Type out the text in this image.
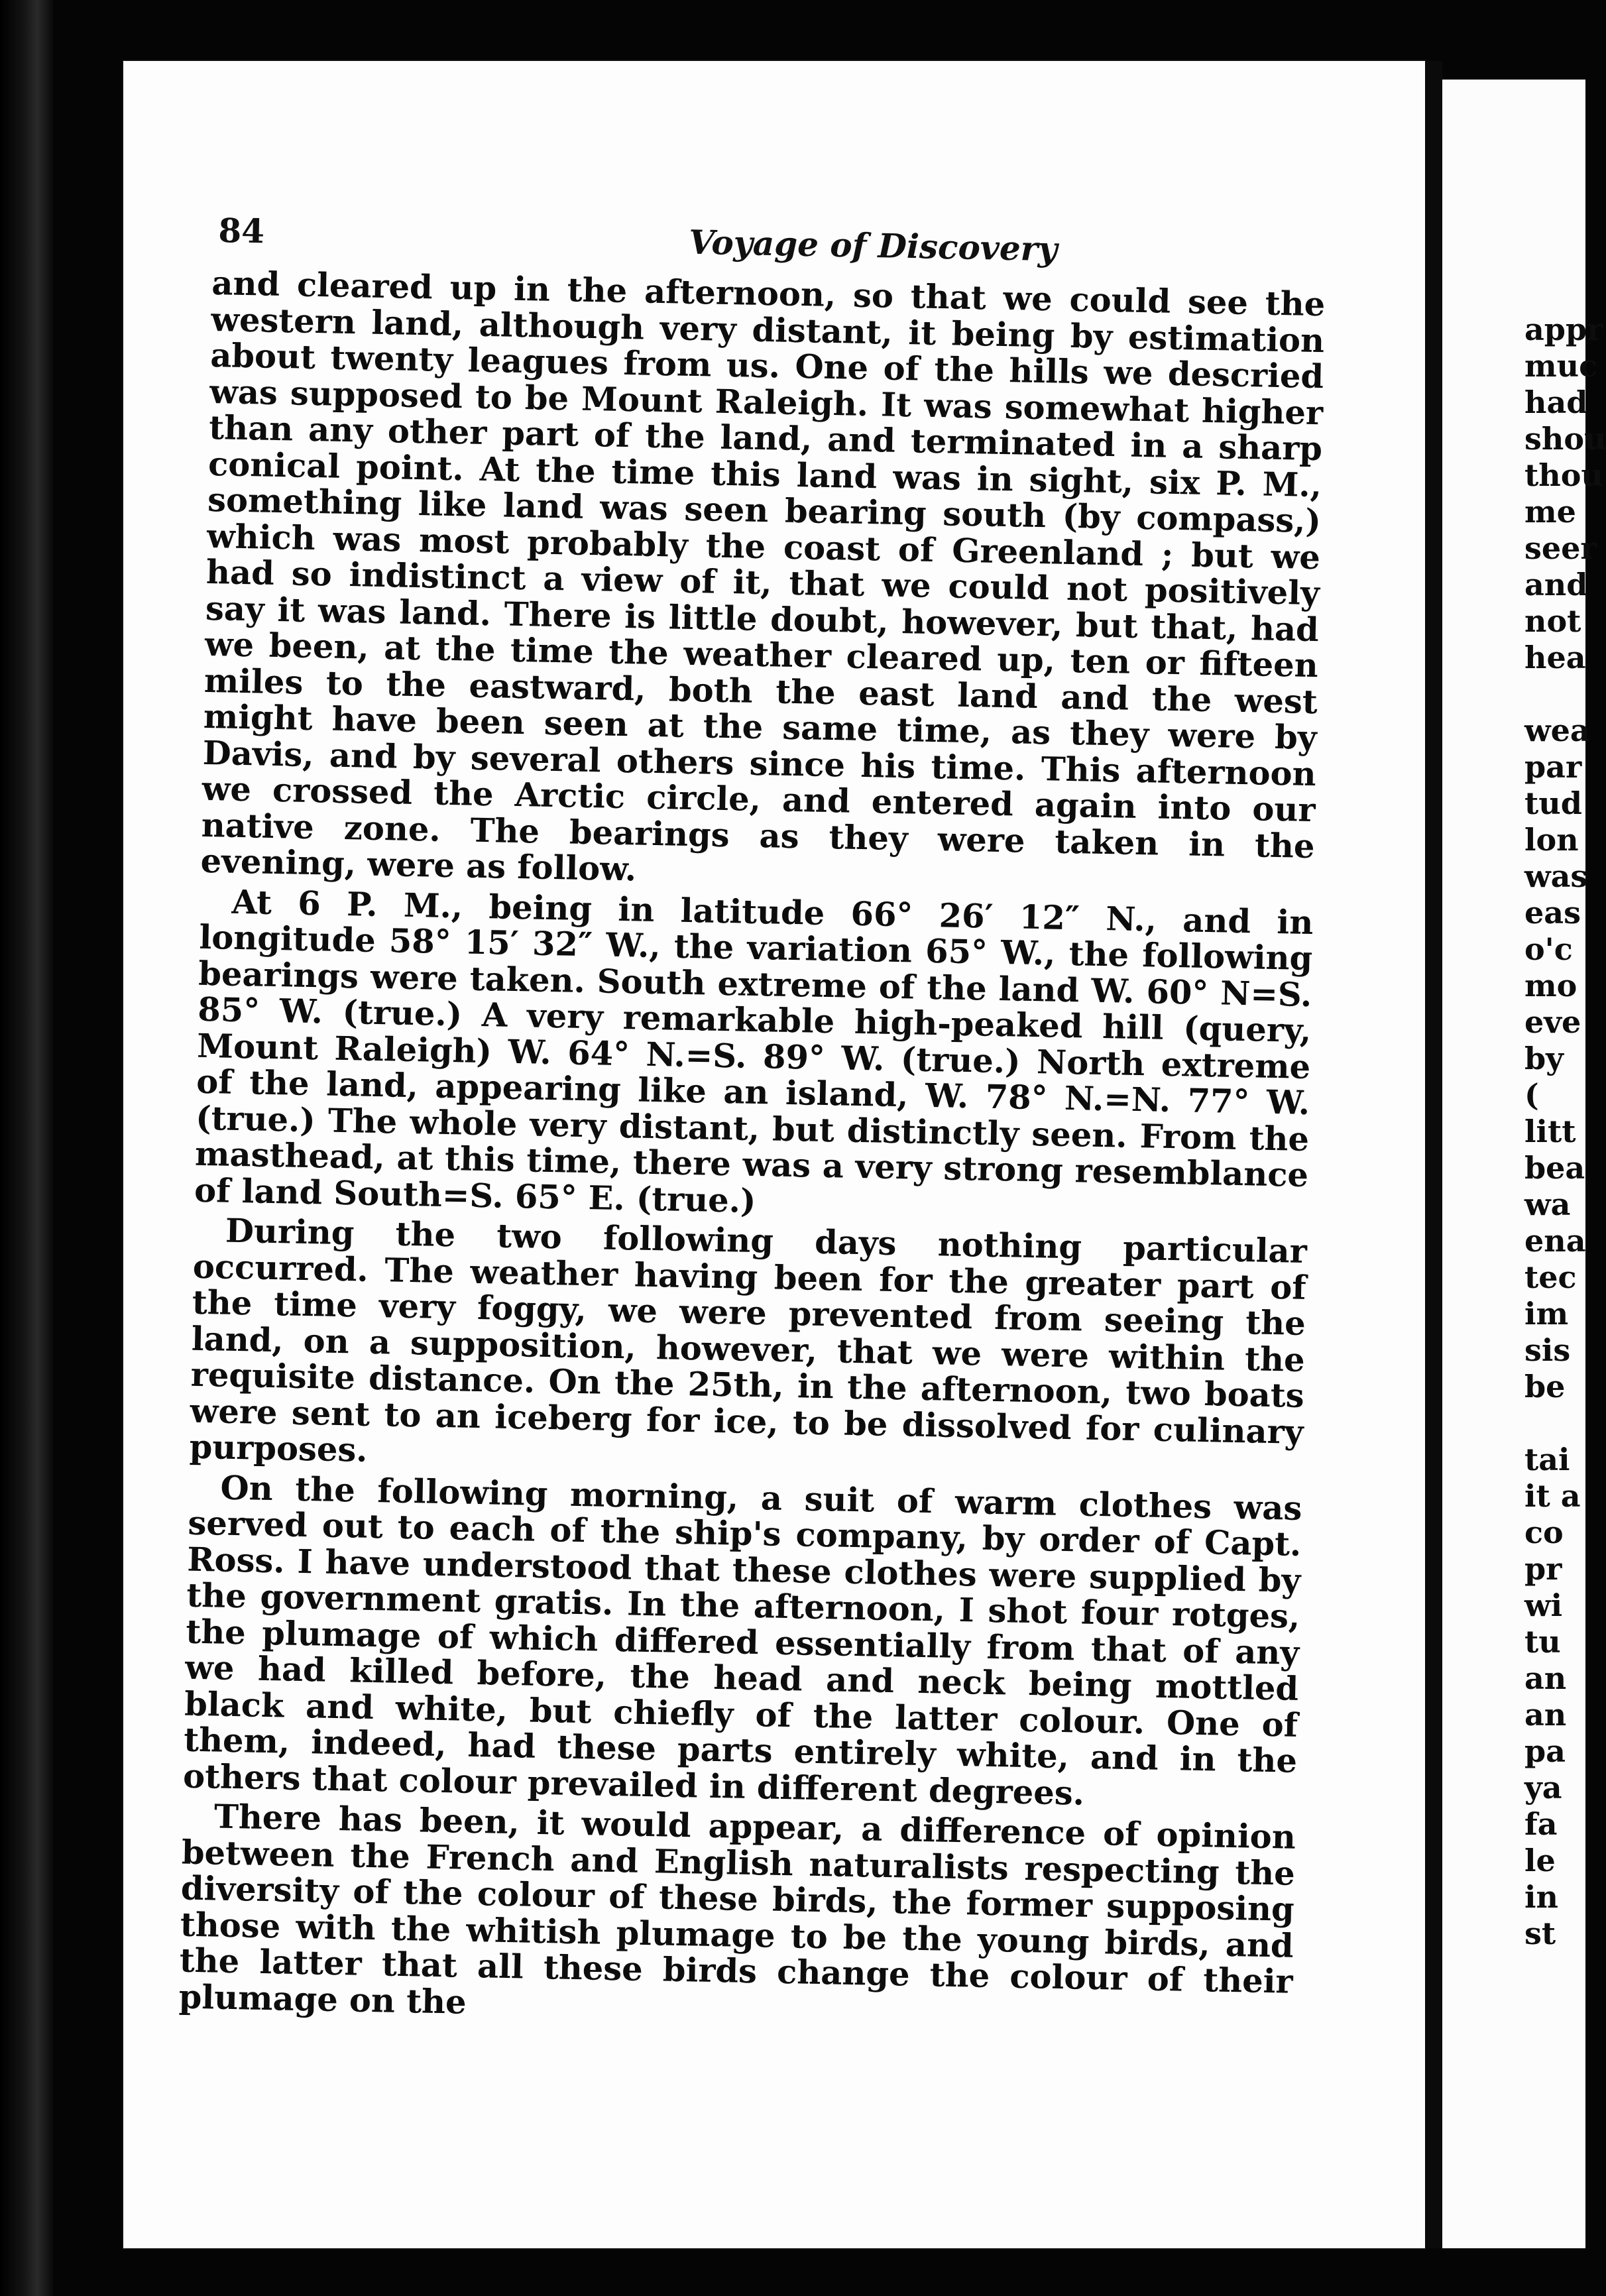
84	Voyage of Discovery

and cleared up in the afternoon, so that we could see the western land, although very distant, it being by estimation about twenty leagues from us. One of the hills we descried was supposed to be Mount Raleigh. It was somewhat higher than any other part of the land, and terminated in a sharp conical point. At the time this land was in sight, six P. M., something like land was seen bearing south (by compass,) which was most probably the coast of Greenland ; but we had so indistinct a view of it, that we could not positively say it was land. There is little doubt, however, but that, had we been, at the time the weather cleared up, ten or fifteen miles to the eastward, both the east land and the west might have been seen at the same time, as they were by Davis, and by several others since his time. This afternoon we crossed the Arctic circle, and entered again into our native zone. The bearings as they were taken in the evening, were as follow.

At 6 P. M., being in latitude 66° 26′ 12″ N., and in longitude 58° 15′ 32″ W., the variation 65° W., the following bearings were taken. South extreme of the land W. 60° N=S. 85° W. (true.) A very remarkable high-peaked hill (query, Mount Raleigh) W. 64° N.=S. 89° W. (true.) North extreme of the land, appearing like an island, W. 78° N.=N. 77° W. (true.) The whole very distant, but distinctly seen. From the masthead, at this time, there was a very strong resemblance of land South=S. 65° E. (true.)

During the two following days nothing particular occurred. The weather having been for the greater part of the time very foggy, we were prevented from seeing the land, on a supposition, however, that we were within the requisite distance. On the 25th, in the afternoon, two boats were sent to an iceberg for ice, to be dissolved for culinary purposes.

On the following morning, a suit of warm clothes was served out to each of the ship's company, by order of Capt. Ross. I have understood that these clothes were supplied by the government gratis. In the afternoon, I shot four rotges, the plumage of which differed essentially from that of any we had killed before, the head and neck being mottled black and white, but chiefly of the latter colour. One of them, indeed, had these parts entirely white, and in the others that colour prevailed in different degrees.

There has been, it would appear, a difference of opinion between the French and English naturalists respecting the diversity of the colour of these birds, the former supposing those with the whitish plumage to be the young birds, and the latter that all these birds change the colour of their plumage on the

appr
muc
had
shou
thou
me
seer
and
not
hea
wea
par
tud
lon
was
eas
o'c
mo
eve
by
(
litt
bea
wa
ena
tec
im
sis
be
tai
it a
co
pr
wi
tu
an
an
pa
ya
fa
le
in
st
